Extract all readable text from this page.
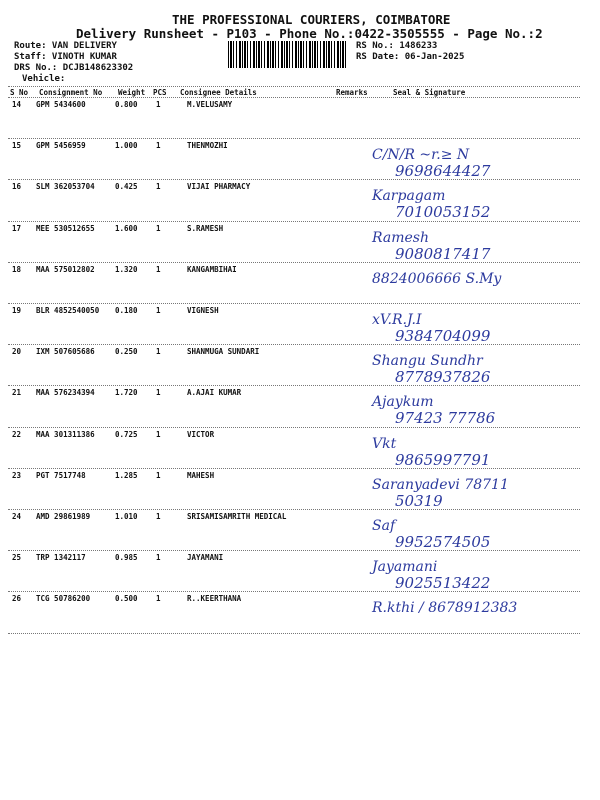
THE PROFESSIONAL COURIERS, COIMBATORE
Delivery Runsheet - P103 - Phone No.:0422-3505555 - Page No.:2
Route: VAN DELIVERY
Staff: VINOTH KUMAR
DRS No.: DCJB148623302
Vehicle:
RS No.: 1486233
RS Date: 06-Jan-2025
S No Consignment No Weight PCS Consignee Details	Remarks	Seal & Signature
14 GPM 5434600	0.800 1	M.VELUSAMY
15 GPM 5456959	1.000 1	THENMOZHI
C/N/R ~r.≥ N
9698644427
16 SLM 362053704	0.425 1	VIJAI PHARMACY
Karpagam
7010053152
17 MEE 530512655	1.600 1	S.RAMESH
Ramesh
9080817417
18 MAA 575012802	1.320 1	KANGAMBIHAI
8824006666 S.My
19 BLR 4852540050 0.180 1	VIGNESH
xV.R.J.I
9384704099
20 IXM 507605686	0.250 1	SHANMUGA SUNDARI
Shangu Sundhr
8778937826
21 MAA 576234394	1.720 1	A.AJAI KUMAR
Ajaykum
97423 77786
22 MAA 301311386	0.725 1	VICTOR
Vkt
9865997791
23 PGT 7517748	1.285 1	MAHESH
Saranyadevi 78711
50319
24 AMD 29861989	1.010 1	SRISAMISAMRITH MEDICAL
Saf
9952574505
25 TRP 1342117	0.985 1	JAYAMANI
Jayamani
9025513422
26 TCG 50786200	0.500 1	R..KEERTHANA
R.kthi / 8678912383
